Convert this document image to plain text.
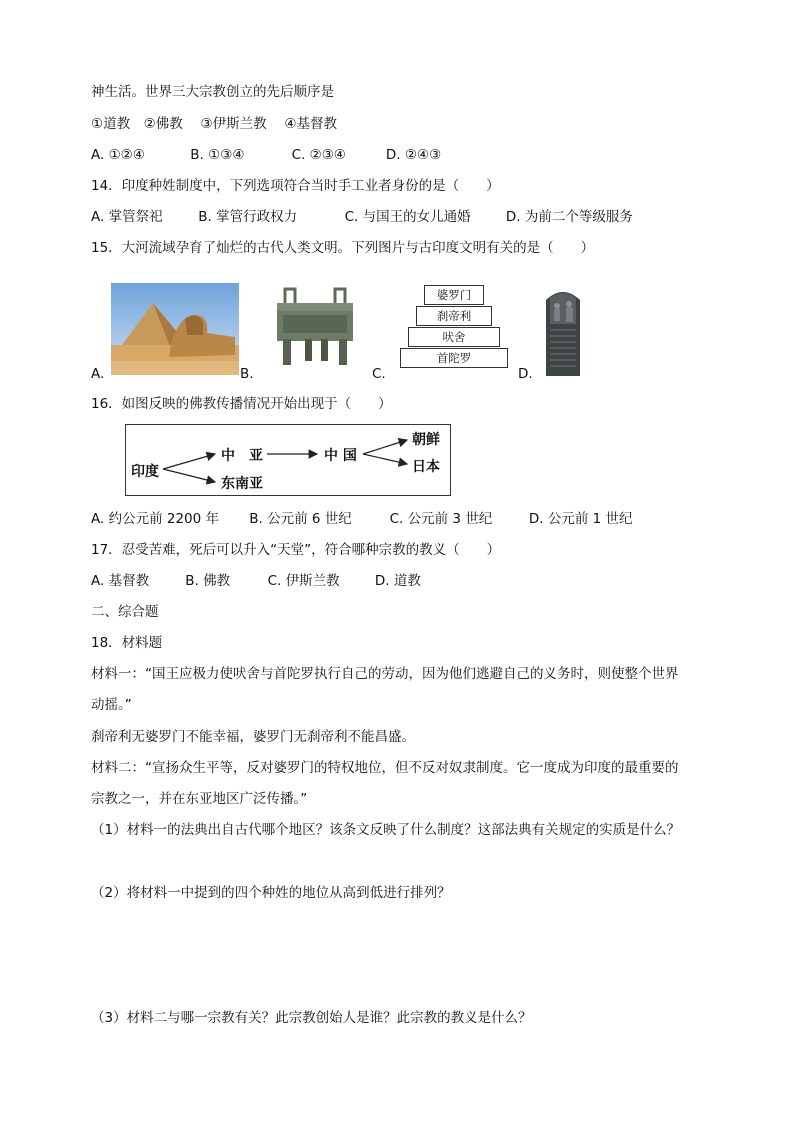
神生活。世界三大宗教创立的先后顺序是
①道教　②佛教　 ③伊斯兰教　 ④基督教
A. ①②④	B. ①③④	C. ②③④	D. ②④③
14．印度种姓制度中，下列选项符合当时手工业者身份的是（　　）
A. 掌管祭祀	B. 掌管行政权力	C. 与国王的女儿通婚	D. 为前二个等级服务
15．大河流域孕育了灿烂的古代人类文明。下列图片与古印度文明有关的是（　　）
A.	B.
婆罗门
刹帝利
吠舍
首陀罗
C.	D.
16．如图反映的佛教传播情况开始出现于（　　）
印度
中　亚
东南亚
中 国
朝鲜
日本
A. 约公元前 2200 年 B. 公元前 6 世纪	C. 公元前 3 世纪	D. 公元前 1 世纪
17．忍受苦难，死后可以升入“天堂”，符合哪种宗教的教义（　　）
A. 基督教	B. 佛教	C. 伊斯兰教	D. 道教
二、综合题
18．材料题
材料一：“国王应极力使吠舍与首陀罗执行自己的劳动，因为他们逃避自己的义务时，则使整个世界
动摇。”
刹帝利无婆罗门不能幸福，婆罗门无刹帝利不能昌盛。
材料二：“宣扬众生平等，反对婆罗门的特权地位，但不反对奴隶制度。它一度成为印度的最重要的
宗教之一，并在东亚地区广泛传播。”
（1）材料一的法典出自古代哪个地区？该条文反映了什么制度？这部法典有关规定的实质是什么？
（2）将材料一中提到的四个种姓的地位从高到低进行排列？
（3）材料二与哪一宗教有关？此宗教创始人是谁？此宗教的教义是什么？
